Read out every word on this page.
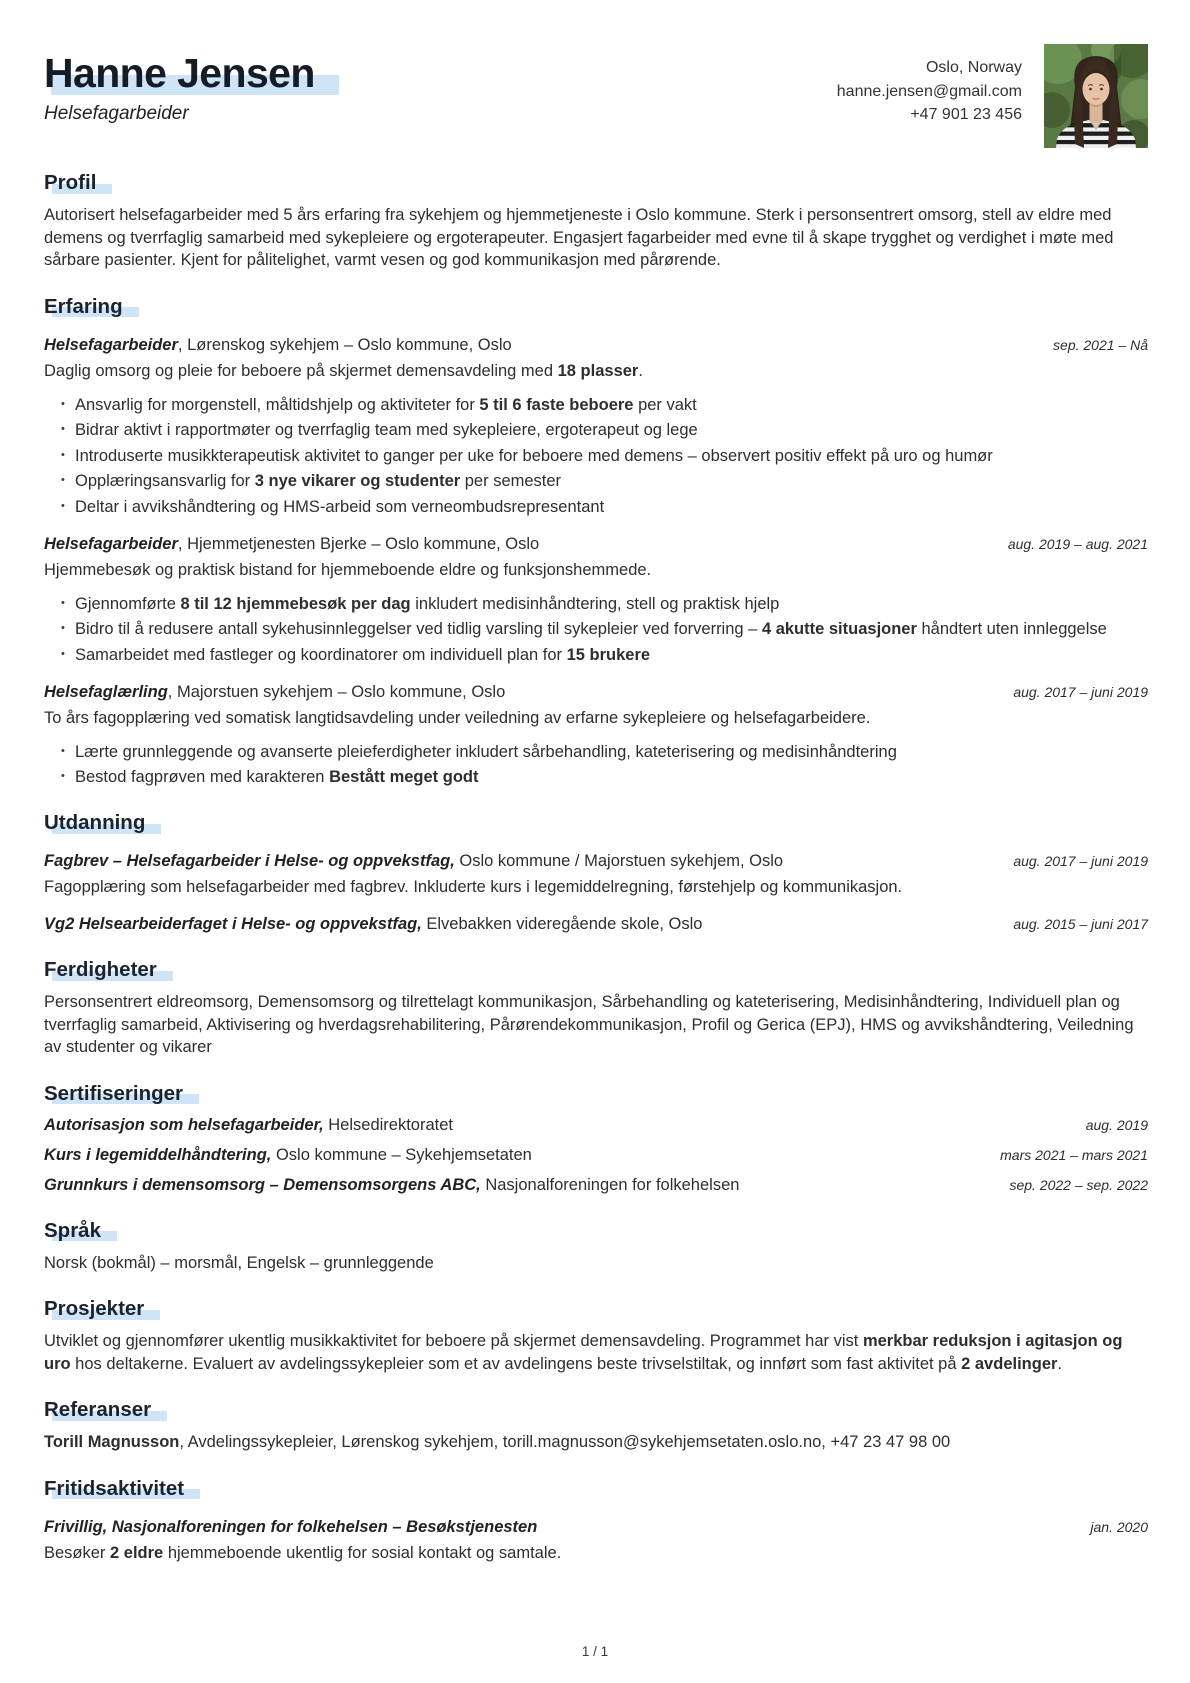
Hanne Jensen
Helsefagarbeider
Oslo, Norway
hanne.jensen@gmail.com
+47 901 23 456
Profil

Autorisert helsefagarbeider med 5 års erfaring fra sykehjem og hjemmetjeneste i Oslo kommune. Sterk i personsentrert omsorg, stell av eldre med demens og tverrfaglig samarbeid med sykepleiere og ergoterapeuter. Engasjert fagarbeider med evne til å skape trygghet og verdighet i møte med sårbare pasienter. Kjent for pålitelighet, varmt vesen og god kommunikasjon med pårørende.

Erfaring
Helsefagarbeider, Lørenskog sykehjem – Oslo kommune, Oslo	sep. 2021 – Nå
Daglig omsorg og pleie for beboere på skjermet demensavdeling med 18 plasser.
• Ansvarlig for morgenstell, måltidshjelp og aktiviteter for 5 til 6 faste beboere per vakt
• Bidrar aktivt i rapportmøter og tverrfaglig team med sykepleiere, ergoterapeut og lege
• Introduserte musikkterapeutisk aktivitet to ganger per uke for beboere med demens – observert positiv effekt på uro og humør
• Opplæringsansvarlig for 3 nye vikarer og studenter per semester
• Deltar i avvikshåndtering og HMS-arbeid som verneombudsrepresentant
Helsefagarbeider, Hjemmetjenesten Bjerke – Oslo kommune, Oslo	aug. 2019 – aug. 2021
Hjemmebesøk og praktisk bistand for hjemmeboende eldre og funksjonshemmede.
• Gjennomførte 8 til 12 hjemmebesøk per dag inkludert medisinhåndtering, stell og praktisk hjelp
• Bidro til å redusere antall sykehusinnleggelser ved tidlig varsling til sykepleier ved forverring – 4 akutte situasjoner håndtert uten innleggelse
• Samarbeidet med fastleger og koordinatorer om individuell plan for 15 brukere
Helsefaglærling, Majorstuen sykehjem – Oslo kommune, Oslo	aug. 2017 – juni 2019
To års fagopplæring ved somatisk langtidsavdeling under veiledning av erfarne sykepleiere og helsefagarbeidere.
• Lærte grunnleggende og avanserte pleieferdigheter inkludert sårbehandling, kateterisering og medisinhåndtering
• Bestod fagprøven med karakteren Bestått meget godt
Utdanning
Fagbrev – Helsefagarbeider i Helse- og oppvekstfag, Oslo kommune / Majorstuen sykehjem, Oslo	aug. 2017 – juni 2019
Fagopplæring som helsefagarbeider med fagbrev. Inkluderte kurs i legemiddelregning, førstehjelp og kommunikasjon.
Vg2 Helsearbeiderfaget i Helse- og oppvekstfag, Elvebakken videregående skole, Oslo	aug. 2015 – juni 2017
Ferdigheter

Personsentrert eldreomsorg, Demensomsorg og tilrettelagt kommunikasjon, Sårbehandling og kateterisering, Medisinhåndtering, Individuell plan og tverrfaglig samarbeid, Aktivisering og hverdagsrehabilitering, Pårørendekommunikasjon, Profil og Gerica (EPJ), HMS og avvikshåndtering, Veiledning av studenter og vikarer

Sertifiseringer
Autorisasjon som helsefagarbeider, Helsedirektoratet	aug. 2019
Kurs i legemiddelhåndtering, Oslo kommune – Sykehjemsetaten	mars 2021 – mars 2021
Grunnkurs i demensomsorg – Demensomsorgens ABC, Nasjonalforeningen for folkehelsen	sep. 2022 – sep. 2022
Språk

Norsk (bokmål) – morsmål, Engelsk – grunnleggende

Prosjekter

Utviklet og gjennomfører ukentlig musikkaktivitet for beboere på skjermet demensavdeling. Programmet har vist merkbar reduksjon i agitasjon og uro hos deltakerne. Evaluert av avdelingssykepleier som et av avdelingens beste trivselstiltak, og innført som fast aktivitet på 2 avdelinger.

Referanser

Torill Magnusson, Avdelingssykepleier, Lørenskog sykehjem, torill.magnusson@sykehjemsetaten.oslo.no, +47 23 47 98 00

Fritidsaktivitet
Frivillig, Nasjonalforeningen for folkehelsen – Besøkstjenesten	jan. 2020
Besøker 2 eldre hjemmeboende ukentlig for sosial kontakt og samtale.
1 / 1
